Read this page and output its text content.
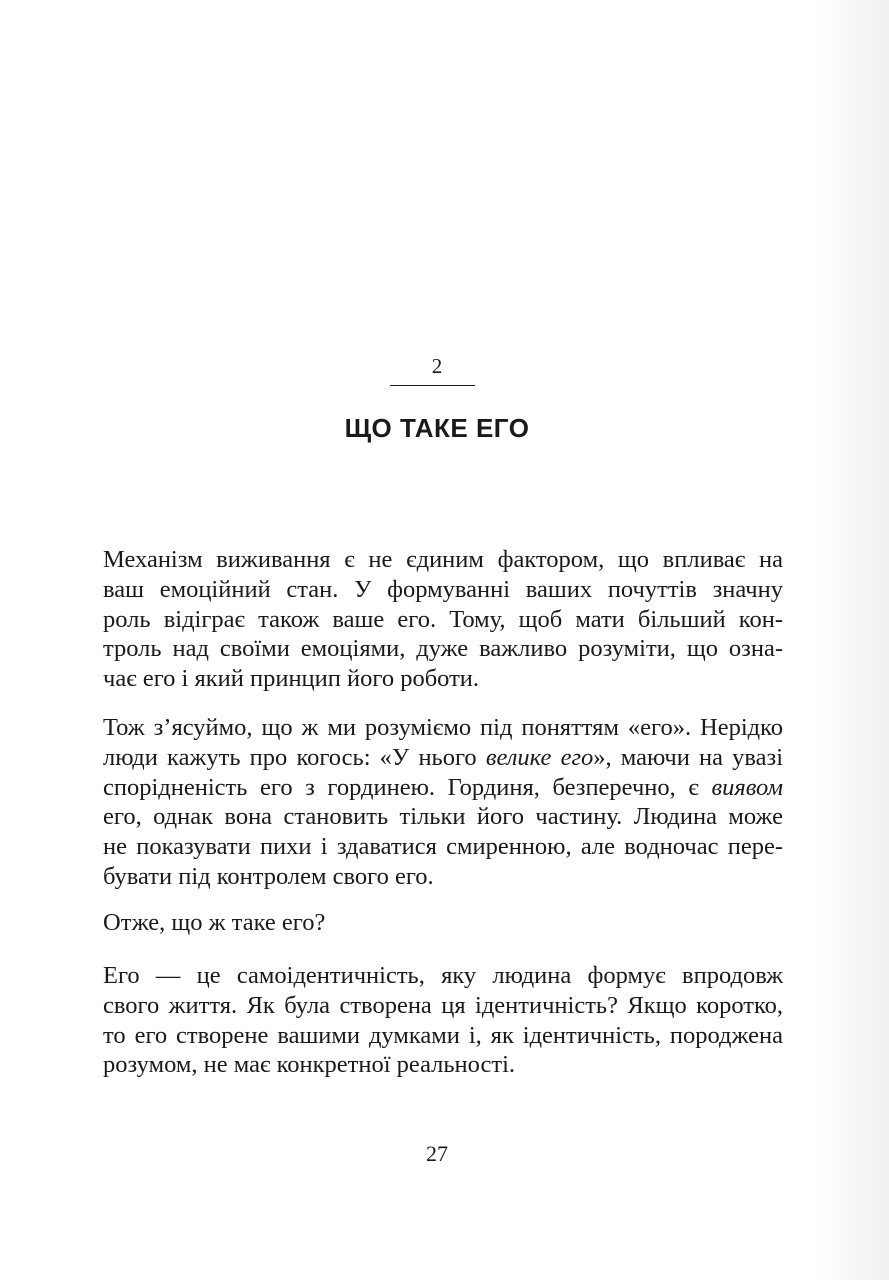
2
ЩО ТАКЕ ЕГО
Механізм виживання є не єдиним фактором, що впливає на
ваш емоційний стан. У формуванні ваших почуттів значну
роль відіграє також ваше его. Тому, щоб мати більший кон-
троль над своїми емоціями, дуже важливо розуміти, що озна-
чає его і який принцип його роботи.
Тож з’ясуймо, що ж ми розуміємо під поняттям «его». Нерідко
люди кажуть про когось: «У нього велике его», маючи на увазі
спорідненість его з гординею. Гординя, безперечно, є виявом
его, однак вона становить тільки його частину. Людина може
не показувати пихи і здаватися смиренною, але водночас пере-
бувати під контролем свого его.
Отже, що ж таке его?
Его — це самоідентичність, яку людина формує впродовж
свого життя. Як була створена ця ідентичність? Якщо коротко,
то его створене вашими думками і, як ідентичність, породжена
розумом, не має конкретної реальності.
27
